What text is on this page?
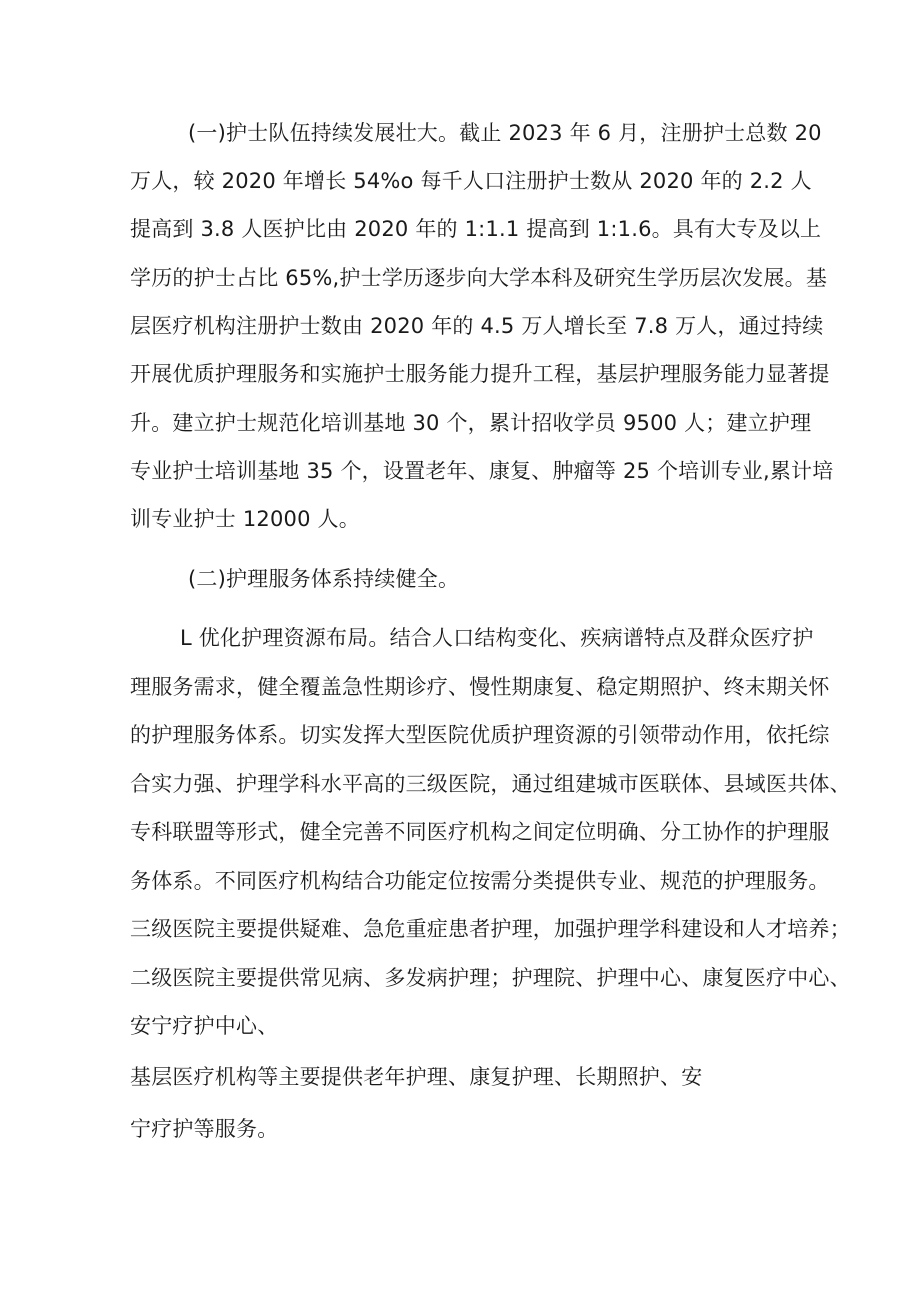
(一)护士队伍持续发展壮大。截止 2023 年 6 月，注册护士总数 20
万人，较 2020 年增长 54%o 每千人口注册护士数从 2020 年的 2.2 人
提高到 3.8 人医护比由 2020 年的 1:1.1 提高到 1:1.6。具有大专及以上
学历的护士占比 65%,护士学历逐步向大学本科及研究生学历层次发展。基
层医疗机构注册护士数由 2020 年的 4.5 万人增长至 7.8 万人，通过持续
开展优质护理服务和实施护士服务能力提升工程，基层护理服务能力显著提
升。建立护士规范化培训基地 30 个，累计招收学员 9500 人；建立护理
专业护士培训基地 35 个，设置老年、康复、肿瘤等 25 个培训专业,累计培
训专业护士 12000 人。
(二)护理服务体系持续健全。
L 优化护理资源布局。结合人口结构变化、疾病谱特点及群众医疗护
理服务需求，健全覆盖急性期诊疗、慢性期康复、稳定期照护、终末期关怀
的护理服务体系。切实发挥大型医院优质护理资源的引领带动作用，依托综
合实力强、护理学科水平高的三级医院，通过组建城市医联体、县域医共体、
专科联盟等形式，健全完善不同医疗机构之间定位明确、分工协作的护理服
务体系。不同医疗机构结合功能定位按需分类提供专业、规范的护理服务。
三级医院主要提供疑难、急危重症患者护理，加强护理学科建设和人才培养；
二级医院主要提供常见病、多发病护理；护理院、护理中心、康复医疗中心、
安宁疗护中心、
基层医疗机构等主要提供老年护理、康复护理、长期照护、安
宁疗护等服务。
